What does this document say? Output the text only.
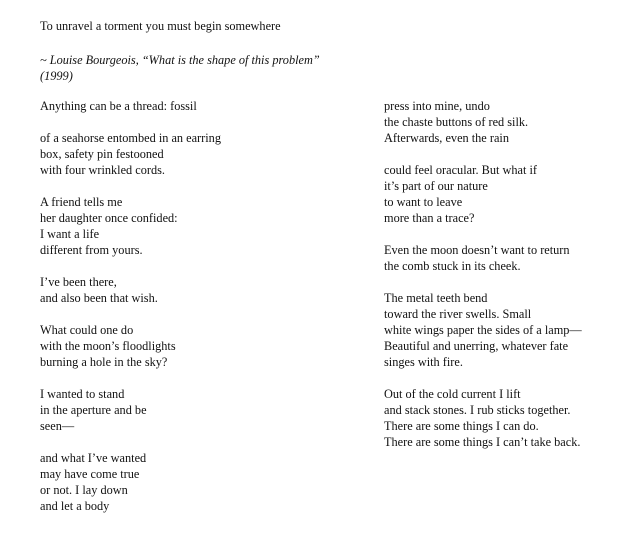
To unravel a torment you must begin somewhere

~ Louise Bourgeois, “What is the shape of this problem”
(1999)
Anything can be a thread: fossil
of a seahorse entombed in an earring
box, safety pin festooned
with four wrinkled cords.
A friend tells me
her daughter once confided:
I want a life
different from yours.
I’ve been there,
and also been that wish.
What could one do
with the moon’s floodlights
burning a hole in the sky?
I wanted to stand
in the aperture and be
seen—
and what I’ve wanted
may have come true
or not. I lay down
and let a body
press into mine, undo
the chaste buttons of red silk.
Afterwards, even the rain
could feel oracular. But what if
it’s part of our nature
to want to leave
more than a trace?
Even the moon doesn’t want to return
the comb stuck in its cheek.
The metal teeth bend
toward the river swells. Small
white wings paper the sides of a lamp—
Beautiful and unerring, whatever fate
singes with fire.
Out of the cold current I lift
and stack stones. I rub sticks together.
There are some things I can do.
There are some things I can’t take back.
